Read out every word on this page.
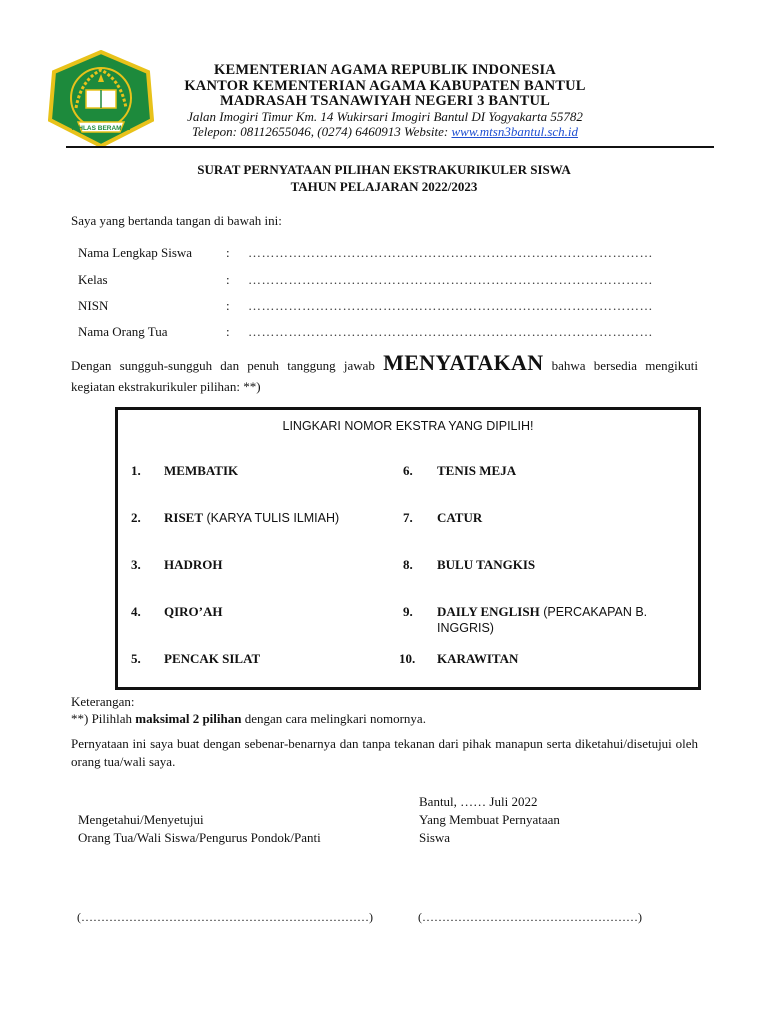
IKHLAS BERAMAL
KEMENTERIAN AGAMA REPUBLIK INDONESIA
KANTOR KEMENTERIAN AGAMA KABUPATEN BANTUL
MADRASAH TSANAWIYAH NEGERI 3 BANTUL
Jalan Imogiri Timur Km. 14 Wukirsari Imogiri Bantul DI Yogyakarta 55782
Telepon: 08112655046, (0274) 6460913 Website: www.mtsn3bantul.sch.id
SURAT PERNYATAAN PILIHAN EKSTRAKURIKULER SISWA
TAHUN PELAJARAN 2022/2023
Saya yang bertanda tangan di bawah ini:
Nama Lengkap Siswa	: ………………………………………………………………………………
Kelas	: ………………………………………………………………………………
NISN	: ………………………………………………………………………………
Nama Orang Tua	: ………………………………………………………………………………
Dengan sungguh-sungguh dan penuh tanggung jawab MENYATAKAN bahwa bersedia mengikuti kegiatan ekstrakurikuler pilihan: **)
LINGKARI NOMOR EKSTRA YANG DIPILIH!
1. MEMBATIK
2. RISET (KARYA TULIS ILMIAH)
3. HADROH
4. QIRO’AH
5. PENCAK SILAT
6. TENIS MEJA
7. CATUR
8. BULU TANGKIS
9. DAILY ENGLISH (PERCAKAPAN B. INGGRIS)
10. KARAWITAN
Keterangan:
**) Pilihlah maksimal 2 pilihan dengan cara melingkari nomornya.
Pernyataan ini saya buat dengan sebenar-benarnya dan tanpa tekanan dari pihak manapun serta diketahui/disetujui oleh orang tua/wali saya.
Bantul, …… Juli 2022
Mengetahui/Menyetujui
Orang Tua/Wali Siswa/Pengurus Pondok/Panti
Yang Membuat Pernyataan
Siswa
(………………………………………………………………)	(………………………………………………)
